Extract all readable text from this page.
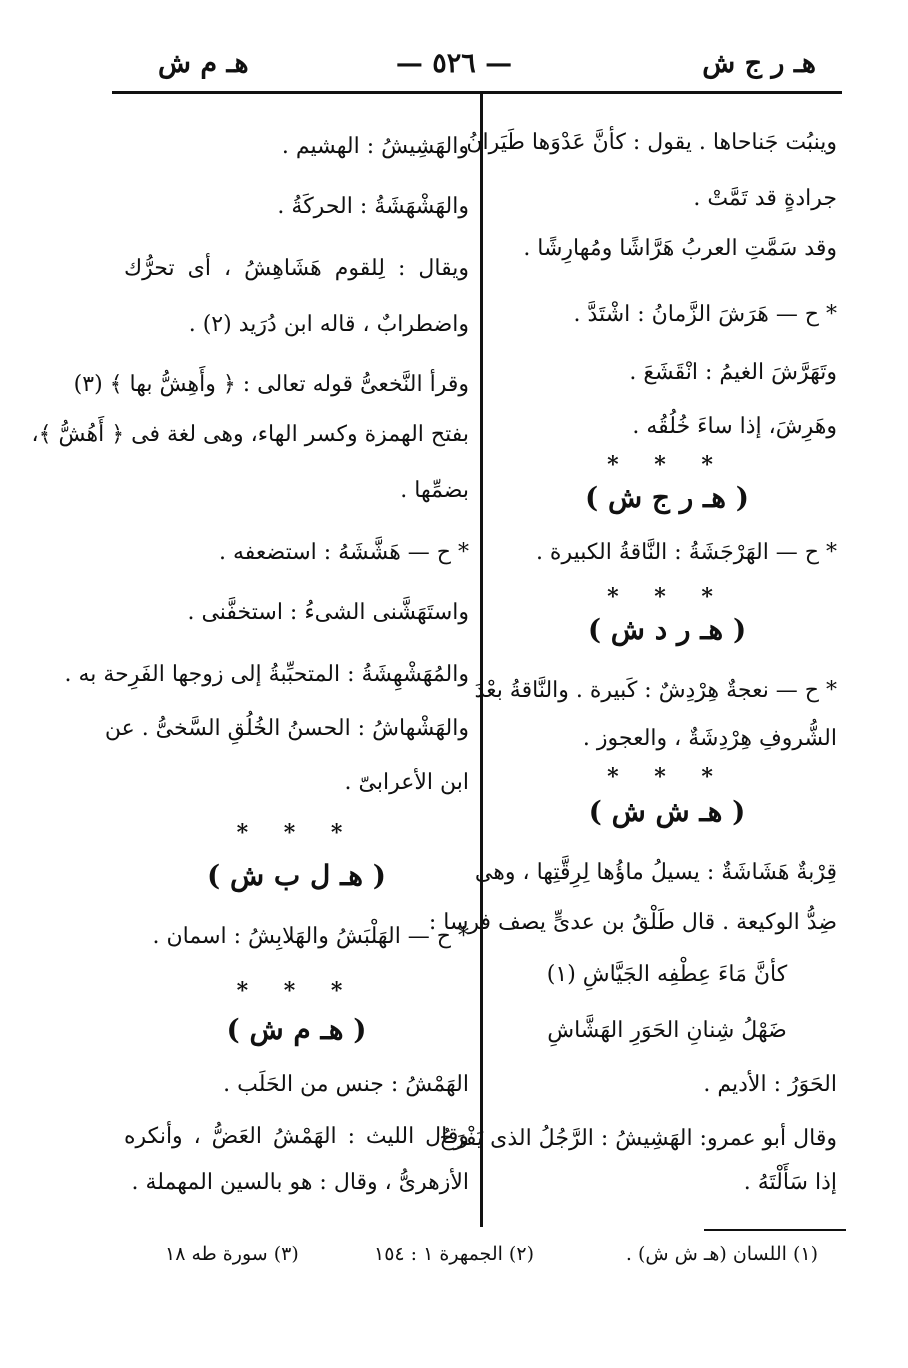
هـ ر ج ش
— ٥٢٦ —
هـ م ش
وينبُت جَناحاها . يقول : كأنَّ عَدْوَها طَيَرانُ
جرادةٍ قد تَمَّتْ .
وقد سَمَّتِ العربُ هَرَّاشًا ومُهارِشًا .
* ح — هَرَشَ الزَّمانُ : اشْتَدَّ .
وتَهَرَّشَ الغيمُ : انْقَشَعَ .
وهَرِشَ، إذا ساءَ خُلُقُه .
* * *
( هـ ر ج ش )
* ح — الهَرْجَشَةُ : النَّاقةُ الكبيرة .
* * *
( هـ ر د ش )
* ح — نعجةٌ هِرْدِشٌ : كَبيرة . والنَّاقةُ بعْدَ
الشُّروفِ هِرْدِشَةٌ ، والعجوز .
* * *
( هـ ش ش )
قِرْبةٌ هَشَاشَةٌ : يسيلُ ماؤُها لِرِقَّتِها ، وهى
ضِدُّ الوكيعة . قال طَلْقُ بن عدىٍّ يصف فرسا :
كأنَّ مَاءَ عِطْفِه الجَيَّاشِ (١)
ضَهْلُ شِنانِ الحَوَرِ الهَشَّاشِ
الحَوَرُ : الأديم .
وقال أبو عمرو: الهَشِيشُ : الرَّجُلُ الذى يَفْرَحُ
إذا سَأَلْتَهُ .
والهَشِيشُ : الهشيم .
والهَشْهَشَةُ : الحركَةُ .
ويقال : لِلقوم هَشَاهِشُ ، أى تحرُّك
واضطرابٌ ، قاله ابن دُرَيد (٢) .
وقرأ النَّخعىُّ قوله تعالى : ﴿ وأَهِشُّ بها ﴾ (٣)
بفتح الهمزة وكسر الهاء، وهى لغة فى ﴿ أَهُشُّ ﴾،
بضمِّها .
* ح — هَشَّشَهُ : استضعفه .
واستَهَشَّنى الشىءُ : استخفَّنى .
والمُهَشْهِشَةُ : المتحبِّبةُ إلى زوجها الفَرِحة به .
والهَشْهاشُ : الحسنُ الخُلُقِ السَّخىُّ . عن
ابن الأعرابىّ .
* * *
( هـ ل ب ش )
* ح — الهَلْبَشُ والهَلابِشُ : اسمان .
* * *
( هـ م ش )
الهَمْشُ : جنس من الحَلَب .
وقال الليث : الهَمْشُ العَضُّ ، وأنكره
الأزهرىُّ ، وقال : هو بالسين المهملة .
(١) اللسان (هـ ش ش) .
(٢) الجمهرة ١ : ١٥٤
(٣) سورة طه ١٨
